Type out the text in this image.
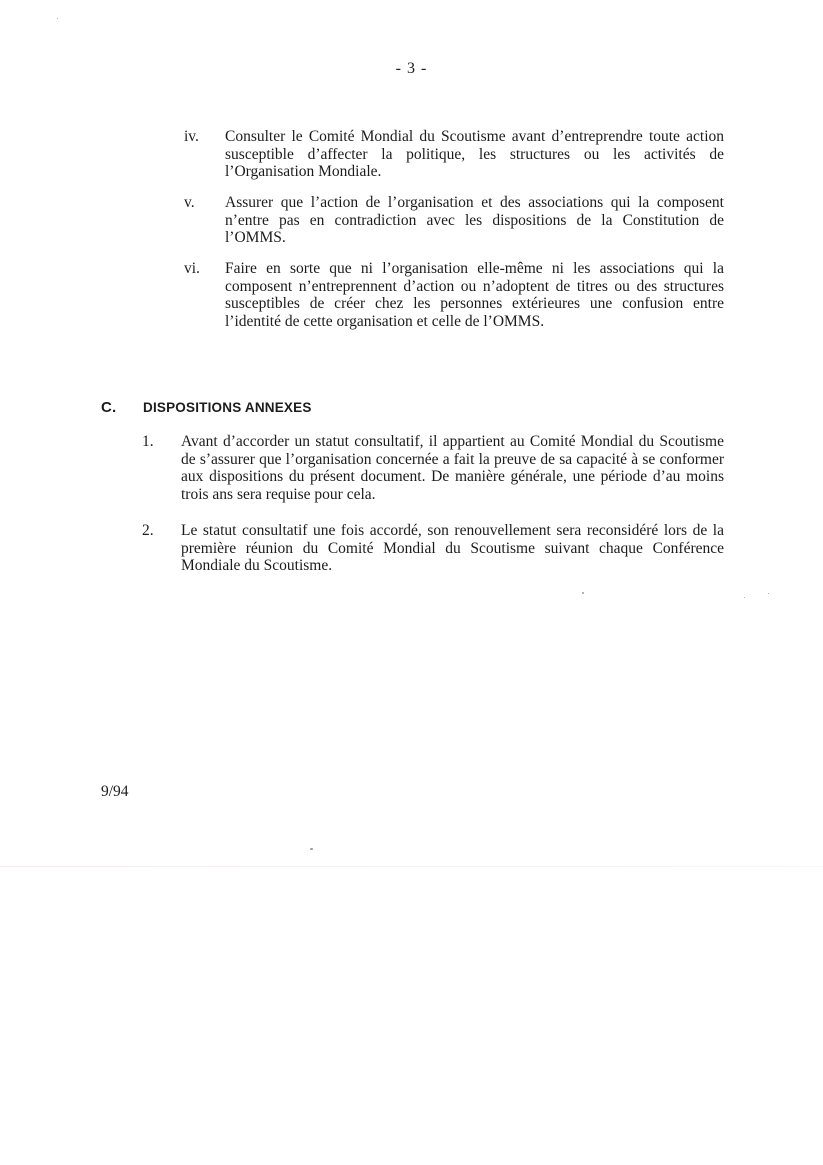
- 3 -
iv. Consulter le Comité Mondial du Scoutisme avant d’entreprendre toute action susceptible d’affecter la politique, les structures ou les activités de l’Organisation Mondiale.
v. Assurer que l’action de l’organisation et des associations qui la composent n’entre pas en contradiction avec les dispositions de la Constitution de l’OMMS.
vi. Faire en sorte que ni l’organisation elle-même ni les associations qui la composent n’entreprennent d’action ou n’adoptent de titres ou des structures susceptibles de créer chez les personnes extérieures une confusion entre l’identité de cette organisation et celle de l’OMMS.
C. DISPOSITIONS ANNEXES
1. Avant d’accorder un statut consultatif, il appartient au Comité Mondial du Scoutisme de s’assurer que l’organisation concernée a fait la preuve de sa capacité à se conformer aux dispositions du présent document. De manière générale, une période d’au moins trois ans sera requise pour cela.
2. Le statut consultatif une fois accordé, son renouvellement sera reconsidéré lors de la première réunion du Comité Mondial du Scoutisme suivant chaque Conférence Mondiale du Scoutisme.
9/94
